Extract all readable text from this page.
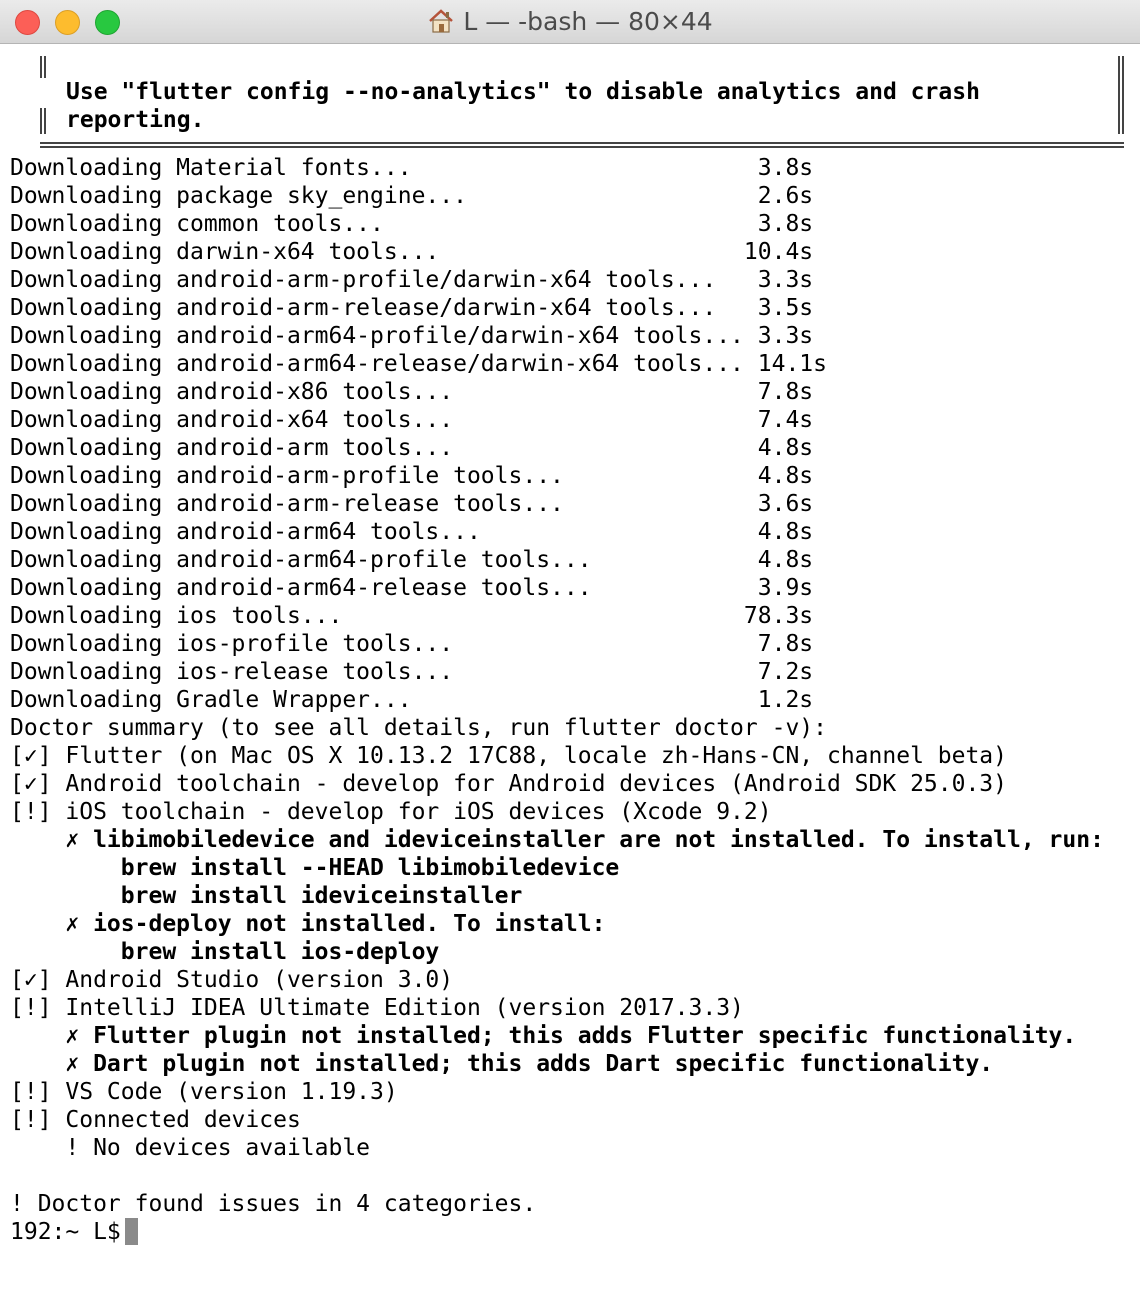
L — -bash — 80×44
Use "flutter config --no-analytics" to disable analytics and crash
reporting.
Downloading Material fonts...	3.8s
Downloading package sky_engine...	2.6s
Downloading common tools...	3.8s
Downloading darwin-x64 tools...	10.4s
Downloading android-arm-profile/darwin-x64 tools... 3.3s
Downloading android-arm-release/darwin-x64 tools... 3.5s
Downloading android-arm64-profile/darwin-x64 tools... 3.3s
Downloading android-arm64-release/darwin-x64 tools... 14.1s
Downloading android-x86 tools...	7.8s
Downloading android-x64 tools...	7.4s
Downloading android-arm tools...	4.8s
Downloading android-arm-profile tools...	4.8s
Downloading android-arm-release tools...	3.6s
Downloading android-arm64 tools...	4.8s
Downloading android-arm64-profile tools...	4.8s
Downloading android-arm64-release tools...	3.9s
Downloading ios tools...	78.3s
Downloading ios-profile tools...	7.8s
Downloading ios-release tools...	7.2s
Downloading Gradle Wrapper...	1.2s
Doctor summary (to see all details, run flutter doctor -v):
[✓] Flutter (on Mac OS X 10.13.2 17C88, locale zh-Hans-CN, channel beta)
[✓] Android toolchain - develop for Android devices (Android SDK 25.0.3)
[!] iOS toolchain - develop for iOS devices (Xcode 9.2)
✗ libimobiledevice and ideviceinstaller are not installed. To install, run:
brew install --HEAD libimobiledevice
brew install ideviceinstaller
✗ ios-deploy not installed. To install:
brew install ios-deploy
[✓] Android Studio (version 3.0)
[!] IntelliJ IDEA Ultimate Edition (version 2017.3.3)
✗ Flutter plugin not installed; this adds Flutter specific functionality.
✗ Dart plugin not installed; this adds Dart specific functionality.
[!] VS Code (version 1.19.3)
[!] Connected devices
! No devices available
! Doctor found issues in 4 categories.
192:~ L$
